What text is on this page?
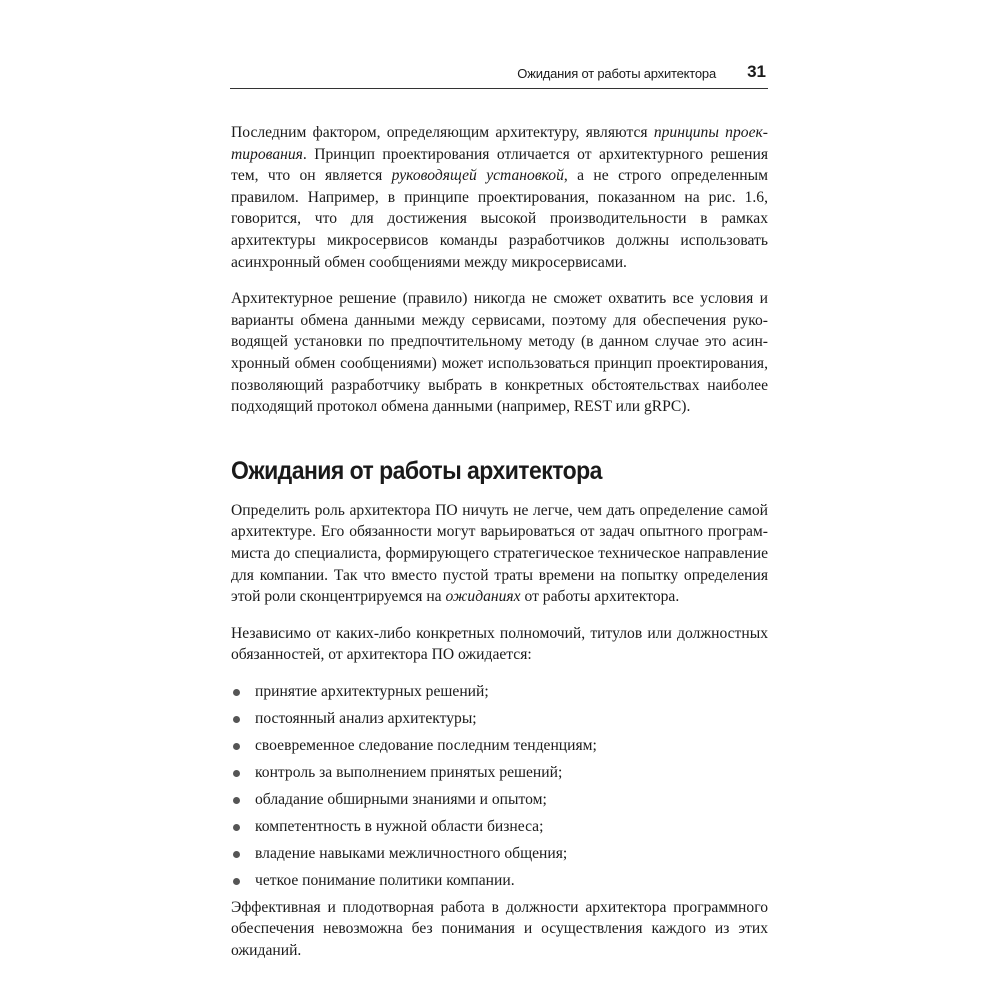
Ожидания от работы архитектора 31

Последним фактором, определяющим архитектуру, являются принципы проектирования. Принцип проектирования отличается от архитектурного решения тем, что он является руководящей установкой, а не строго определенным правилом. Например, в принципе проектирования, показанном на рис. 1.6, говорится, что для достижения высокой производительности в рамках архитектуры микросервисов команды разработчиков должны использовать асинхронный обмен сообщениями между микросервисами.

Архитектурное решение (правило) никогда не сможет охватить все условия и варианты обмена данными между сервисами, поэтому для обеспечения руководящей установки по предпочтительному методу (в данном случае это асинхронный обмен сообщениями) может использоваться принцип проектирования, позволяющий разработчику выбрать в конкретных обстоятельствах наиболее подходящий протокол обмена данными (например, REST или gRPC).

Ожидания от работы архитектора

Определить роль архитектора ПО ничуть не легче, чем дать определение самой архитектуре. Его обязанности могут варьироваться от задач опытного программиста до специалиста, формирующего стратегическое техническое направление для компании. Так что вместо пустой траты времени на попытку определения этой роли сконцентрируемся на ожиданиях от работы архитектора.

Независимо от каких-либо конкретных полномочий, титулов или должностных обязанностей, от архитектора ПО ожидается:

принятие архитектурных решений;
постоянный анализ архитектуры;
своевременное следование последним тенденциям;
контроль за выполнением принятых решений;
обладание обширными знаниями и опытом;
компетентность в нужной области бизнеса;
владение навыками межличностного общения;
четкое понимание политики компании.

Эффективная и плодотворная работа в должности архитектора программного обеспечения невозможна без понимания и осуществления каждого из этих ожиданий.
